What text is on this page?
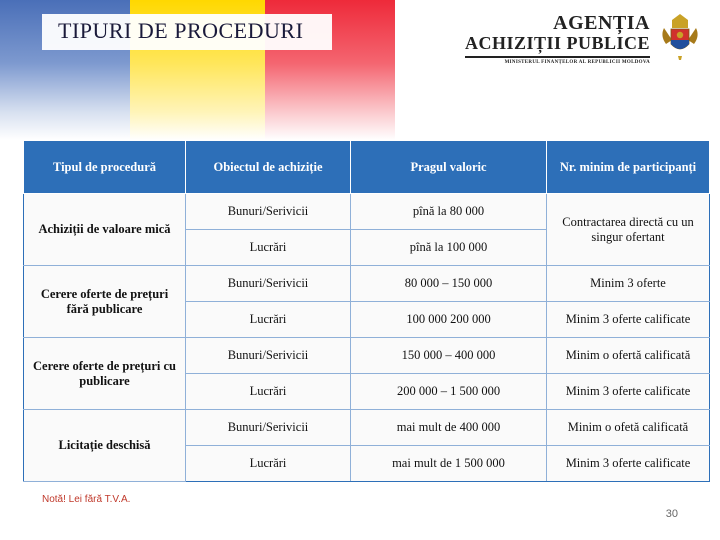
TIPURI DE PROCEDURI	AGENȚIA
ACHIZIȚII PUBLICE
MINISTERUL FINANȚELOR AL REPUBLICII MOLDOVA
Tipul de procedură	Obiectul de achiziție	Pragul valoric	Nr. minim de participanți
Achiziții de valoare mică	Bunuri/Serivicii	pînă la 80 000	Contractarea directă cu un singur ofertant
	Lucrări	pînă la 100 000	
Cerere oferte de prețuri fără publicare	Bunuri/Serivicii	80 000 – 150 000	Minim 3 oferte
	Lucrări	100 000 200 000	Minim 3 oferte calificate
Cerere oferte de prețuri cu publicare	Bunuri/Serivicii	150 000 – 400 000	Minim o ofertă calificată
	Lucrări	200 000 – 1 500 000	Minim 3 oferte calificate
Licitație deschisă	Bunuri/Serivicii	mai mult de 400 000	Minim o ofetă calificată
	Lucrări	mai mult de 1 500 000	Minim 3 oferte calificate
Notă! Lei fără T.V.A.
30
